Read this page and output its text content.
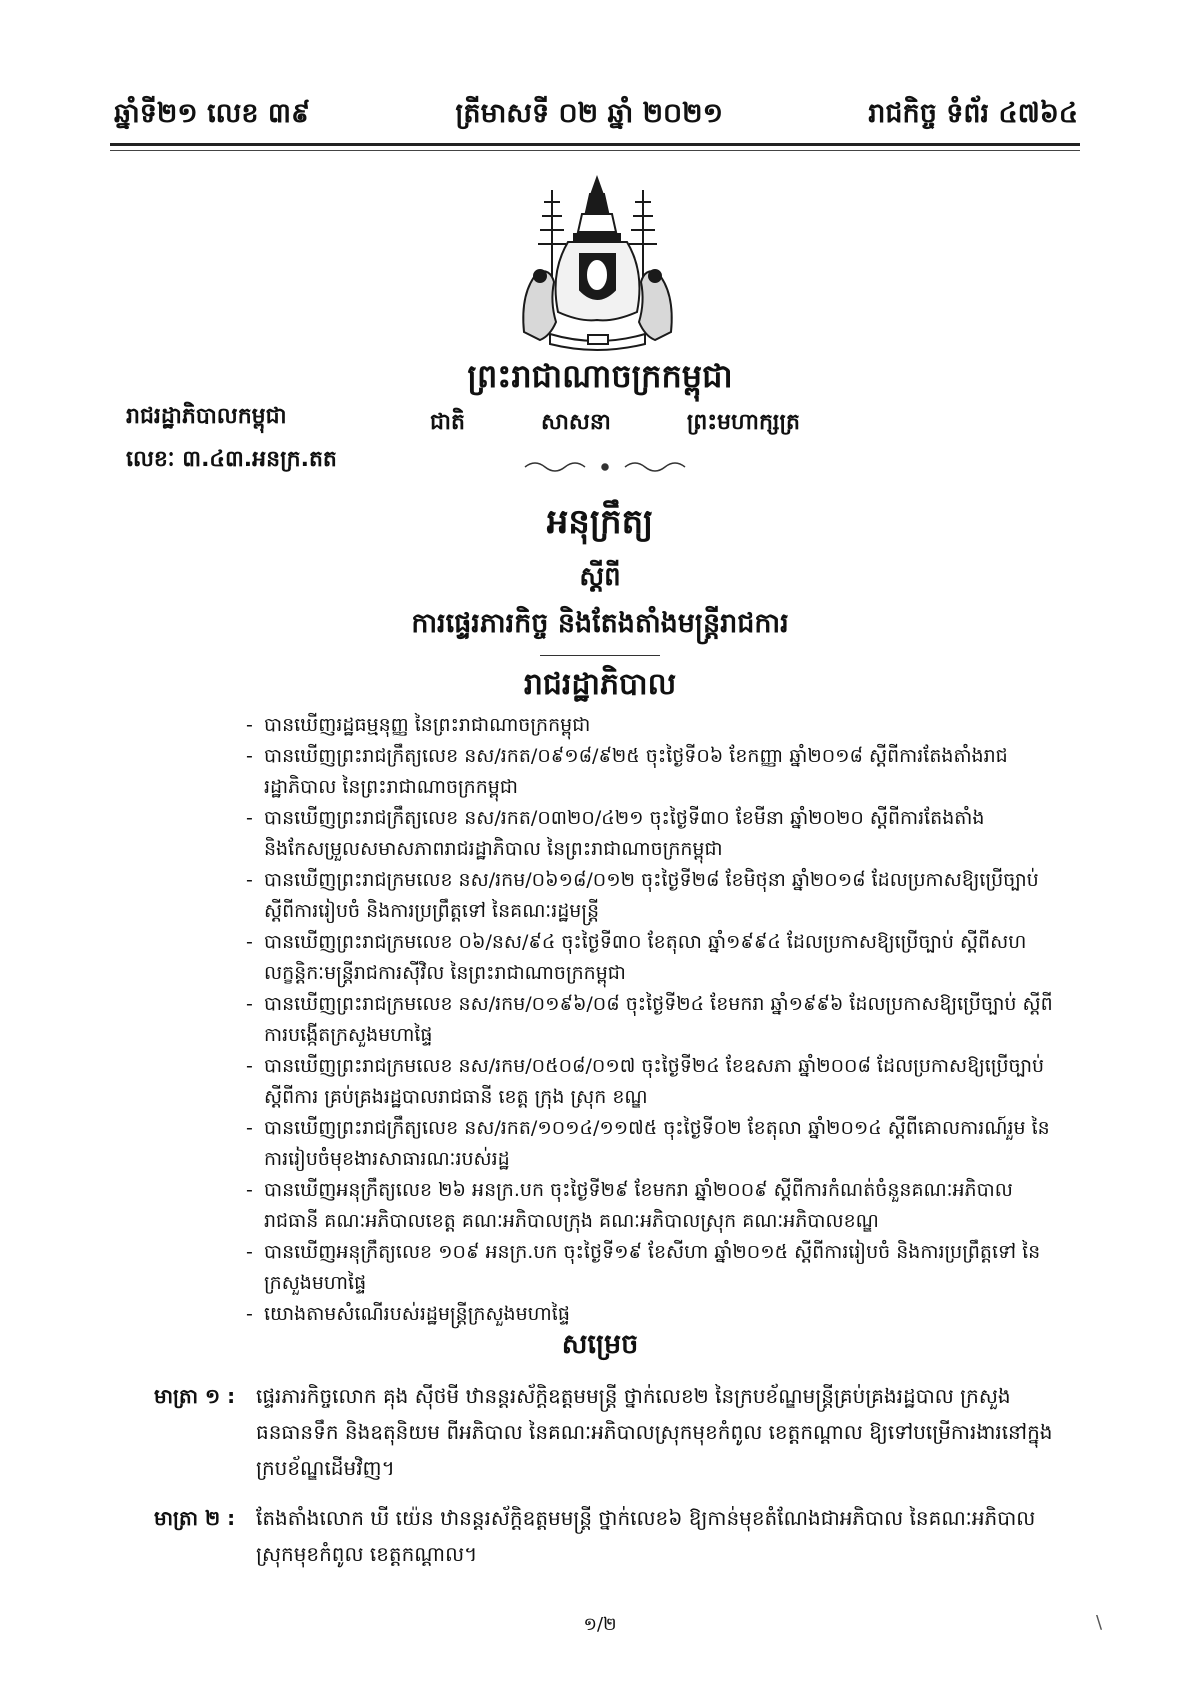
ឆ្នាំទី២១ លេខ ៣៩	ត្រីមាសទី ០២ ឆ្នាំ ២០២១	រាជកិច្ច ទំព័រ ៤៧៦៤
ព្រះរាជាណាចក្រកម្ពុជា
ជាតិ	សាសនា	ព្រះមហាក្សត្រ
រាជរដ្ឋាភិបាលកម្ពុជា
លេខៈ ៣.៤៣.អនក្រ.តត
អនុក្រឹត្យ
ស្តីពី
ការផ្ទេរភារកិច្ច និងតែងតាំងមន្ត្រីរាជការ
រាជរដ្ឋាភិបាល
- បានឃើញរដ្ឋធម្មនុញ្ញ នៃព្រះរាជាណាចក្រកម្ពុជា
- បានឃើញព្រះរាជក្រឹត្យលេខ នស/រកត/០៩១៨/៩២៥ ចុះថ្ងៃទី០៦ ខែកញ្ញា ឆ្នាំ២០១៨ ស្តីពីការតែងតាំងរាជរដ្ឋាភិបាល នៃព្រះរាជាណាចក្រកម្ពុជា
- បានឃើញព្រះរាជក្រឹត្យលេខ នស/រកត/០៣២០/៤២១ ចុះថ្ងៃទី៣០ ខែមីនា ឆ្នាំ២០២០ ស្តីពីការតែងតាំង និងកែសម្រួលសមាសភាពរាជរដ្ឋាភិបាល នៃព្រះរាជាណាចក្រកម្ពុជា
- បានឃើញព្រះរាជក្រមលេខ នស/រកម/០៦១៨/០១២ ចុះថ្ងៃទី២៨ ខែមិថុនា ឆ្នាំ២០១៨ ដែលប្រកាសឱ្យប្រើច្បាប់ស្តីពីការរៀបចំ និងការប្រព្រឹត្តទៅ នៃគណៈរដ្ឋមន្ត្រី
- បានឃើញព្រះរាជក្រមលេខ ០៦/នស/៩៤ ចុះថ្ងៃទី៣០ ខែតុលា ឆ្នាំ១៩៩៤ ដែលប្រកាសឱ្យប្រើច្បាប់ ស្តីពីសហលក្ខន្តិកៈមន្ត្រីរាជការស៊ីវិល នៃព្រះរាជាណាចក្រកម្ពុជា
- បានឃើញព្រះរាជក្រមលេខ នស/រកម/០១៩៦/០៨ ចុះថ្ងៃទី២៤ ខែមករា ឆ្នាំ១៩៩៦ ដែលប្រកាសឱ្យប្រើច្បាប់ ស្តីពីការបង្កើតក្រសួងមហាផ្ទៃ
- បានឃើញព្រះរាជក្រមលេខ នស/រកម/០៥០៨/០១៧ ចុះថ្ងៃទី២៤ ខែឧសភា ឆ្នាំ២០០៨ ដែលប្រកាសឱ្យប្រើច្បាប់ស្តីពីការ គ្រប់គ្រងរដ្ឋបាលរាជធានី ខេត្ត ក្រុង ស្រុក ខណ្ឌ
- បានឃើញព្រះរាជក្រឹត្យលេខ នស/រកត/១០១៤/១១៧៥ ចុះថ្ងៃទី០២ ខែតុលា ឆ្នាំ២០១៤ ស្តីពីគោលការណ៍រួម នៃការរៀបចំមុខងារសាធារណៈរបស់រដ្ឋ
- បានឃើញអនុក្រឹត្យលេខ ២៦ អនក្រ.បក ចុះថ្ងៃទី២៩ ខែមករា ឆ្នាំ២០០៩ ស្តីពីការកំណត់ចំនួនគណៈអភិបាលរាជធានី គណៈអភិបាលខេត្ត គណៈអភិបាលក្រុង គណៈអភិបាលស្រុក គណៈអភិបាលខណ្ឌ
- បានឃើញអនុក្រឹត្យលេខ ១០៩ អនក្រ.បក ចុះថ្ងៃទី១៩ ខែសីហា ឆ្នាំ២០១៥ ស្តីពីការរៀបចំ និងការប្រព្រឹត្តទៅ នៃក្រសួងមហាផ្ទៃ
- យោងតាមសំណើរបស់រដ្ឋមន្ត្រីក្រសួងមហាផ្ទៃ
សម្រេច
មាត្រា ១ :	ផ្ទេរភារកិច្ចលោក គុង ស៊ីថមី ឋានន្តរស័ក្តិឧត្តមមន្ត្រី ថ្នាក់លេខ២ នៃក្របខ័ណ្ឌមន្ត្រីគ្រប់គ្រងរដ្ឋបាល ក្រសួងធនធានទឹក និងឧតុនិយម ពីអភិបាល នៃគណៈអភិបាលស្រុកមុខកំពូល ខេត្តកណ្តាល ឱ្យទៅបម្រើការងារនៅក្នុងក្របខ័ណ្ឌដើមវិញ។
មាត្រា ២ :	តែងតាំងលោក ឃី យ៉េន ឋានន្តរស័ក្តិឧត្តមមន្ត្រី ថ្នាក់លេខ៦ ឱ្យកាន់មុខតំណែងជាអភិបាល នៃគណៈអភិបាលស្រុកមុខកំពូល ខេត្តកណ្តាល។
១/២	\
